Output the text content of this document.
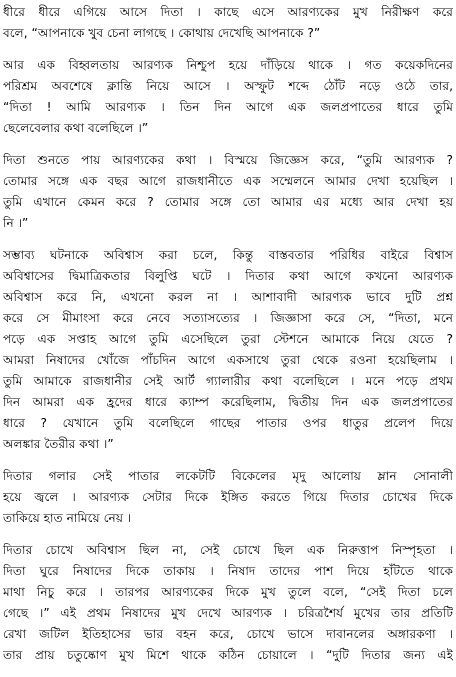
ধীরে ধীরে এগিয়ে আসে দিতা । কাছে এসে আরণ্যকের মুখ নিরীক্ষণ করে
বলে, “আপনাকে খুব চেনা লাগছে । কোথায় দেখেছি আপনাকে ?”
আর এক বিহ্বলতায় আরণ্যক নিশ্চুপ হয়ে দাঁড়িয়ে থাকে । গত কয়েকদিনের
পরিশ্রম অবশেষে ক্লান্তি নিয়ে আসে । অস্ফুট শব্দে ঠোঁট নড়ে ওঠে তার,
“দিতা ! আমি আরণ্যক । তিন দিন আগে এক জলপ্রপাতের ধারে তুমি
ছেলেবেলার কথা বলেছিলে ।”
দিতা শুনতে পায় আরণ্যকের কথা । বিস্ময়ে জিজ্ঞেস করে, “তুমি আরণ্যক ?
তোমার সঙ্গে এক বছর আগে রাজধানীতে এক সম্মেলনে আমার দেখা হয়েছিল ।
তুমি এখানে কেমন করে ? তোমার সঙ্গে তো আমার এর মধ্যে আর দেখা হয়
নি ।”
সম্ভাব্য ঘটনাকে অবিশ্বাস করা চলে, কিন্তু বাস্তবতার পরিধির বাইরে বিশ্বাস
অবিশ্বাসের দ্বিমাত্রিকতার বিলুপ্তি ঘটে । দিতার কথা আগে কখনো আরণ্যক
অবিশ্বাস করে নি, এখনো করল না । আশাবাদী আরণ্যক ভাবে দুটি প্রশ্ন
করে সে মীমাংসা করে নেবে সত্যাসত্যের । জিজ্ঞাসা করে সে, “দিতা, মনে
পড়ে এক সপ্তাহ আগে তুমি এসেছিলে তুরা স্টেশনে আমাকে নিয়ে যেতে ?
আমরা নিষাদের খোঁজে পাঁচদিন আগে একসাথে তুরা থেকে রওনা হয়েছিলাম ।
তুমি আমাকে রাজধানীর সেই আর্ট গ্যালারীর কথা বলেছিলে । মনে পড়ে প্রথম
দিন আমরা এক হ্রদের ধারে ক্যাম্প করেছিলাম, দ্বিতীয় দিন এক জলপ্রপাতের
ধারে ? যেখানে তুমি বলেছিলে গাছের পাতার ওপর ধাতুর প্রলেপ দিয়ে
অলঙ্কার তৈরীর কথা ।”
দিতার গলার সেই পাতার লকেটটি বিকেলের মৃদু আলোয় ম্লান সোনালী
হয়ে জ্বলে । আরণ্যক সেটার দিকে ইঙ্গিত করতে গিয়ে দিতার চোখের দিকে
তাকিয়ে হাত নামিয়ে নেয় ।
দিতার চোখে অবিশ্বাস ছিল না, সেই চোখে ছিল এক নিরুত্তাপ নিস্পৃহতা ।
দিতা ঘুরে নিষাদের দিকে তাকায় । নিষাদ তাদের পাশ দিয়ে হাঁটতে থাকে
মাথা নিচু করে । তারপর আরণ্যকের দিকে মুখ তুলে বলে, “সেই দিতা চলে
গেছে ।” এই প্রথম নিষাদের মুখ দেখে আরণ্যক । চরিত্রশৈর্য মুখের তার প্রতিটি
রেখা জটিল ইতিহাসের ভার বহন করে, চোখে ভাসে দাবানলের অঙ্গারকণা ।
তার প্রায় চতুষ্কোণ মুখ মিশে থাকে কঠিন চোয়ালে । “দুটি দিতার জন্য এই
